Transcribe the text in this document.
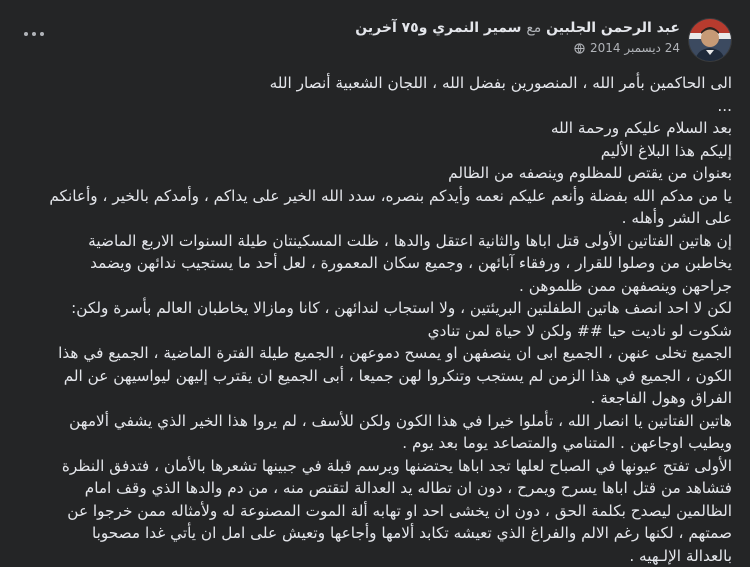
عبد الرحمن الجلبين مع سمير النمري و٧٥ آخرين
24 ديسمبر 2014

الى الحاكمين بأمر الله ، المنصورين بفضل الله ، اللجان الشعبية أنصار الله

...

بعد السلام عليكم ورحمة الله

إليكم هذا البلاغ الأليم

بعنوان من يقتص للمظلوم وينصفه من الظالم

يا من مدكم الله بفضلة وأنعم عليكم نعمه وأيدكم بنصره، سدد الله الخير على يداكم ، وأمدكم بالخير ، وأعانكم

على الشر وأهله .

إن هاتين الفتاتين الأولى قتل اباها والثانية اعتقل والدها ، ظلت المسكينتان طيلة السنوات الاربع الماضية

يخاطبن من وصلوا للقرار ، ورفقاء آبائهن ، وجميع سكان المعمورة ، لعل أحد ما يستجيب ندائهن ويضمد

جراحهن وينصفهن ممن ظلموهن .

لكن لا احد انصف هاتين الطفلتين البريئتين ، ولا استجاب لندائهن ، كانا ومازالا يخاطبان العالم بأسرة ولكن:

شكوت لو ناديت حيا ## ولكن لا حياة لمن تنادي

الجميع تخلى عنهن ، الجميع ابى ان ينصفهن او يمسح دموعهن ، الجميع طيلة الفترة الماضية ، الجميع في هذا

الكون ، الجميع في هذا الزمن لم يستجب وتنكروا لهن جميعا ، أبى الجميع ان يقترب إليهن ليواسيهن عن الم

الفراق وهول الفاجعة .

هاتين الفتاتين يا انصار الله ، تأملوا خيرا في هذا الكون ولكن للأسف ، لم يروا هذا الخير الذي يشفي ألامهن

ويطيب اوجاعهن . المتنامي والمتصاعد يوما بعد يوم .

الأولى تفتح عيونها في الصباح لعلها تجد اباها يحتضنها ويرسم قبلة في جبينها تشعرها بالأمان ، فتدفق النظرة

فتشاهد من قتل اباها يسرح ويمرح ، دون ان تطاله يد العدالة لتقتص منه ، من دم والدها الذي وقف امام

الظالمين ليصدح بكلمة الحق ، دون ان يخشى احد او تهابه ألة الموت المصنوعة له ولأمثاله ممن خرجوا عن

صمتهم ، لكنها رغم الالم والفراغ الذي تعيشه تكابد ألامها وأجاعها وتعيش على امل ان يأتي غدا مصحوبا

بالعدالة الإلـهيه .
